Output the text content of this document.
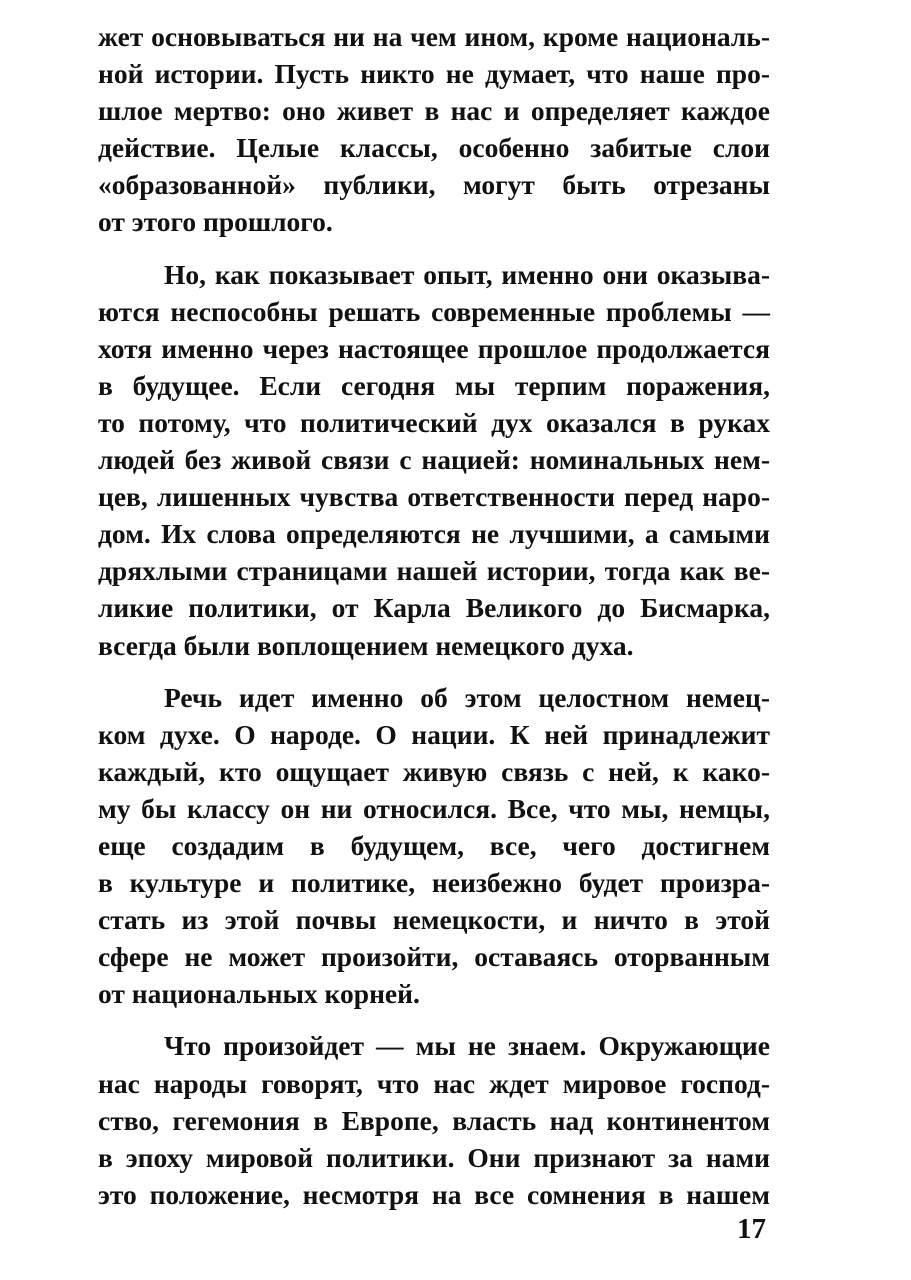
жет основываться ни на чем ином, кроме националь-
ной истории. Пусть никто не думает, что наше про-
шлое мертво: оно живет в нас и определяет каждое
действие. Целые классы, особенно забитые слои
«образованной» публики, могут быть отрезаны
от этого прошлого.
Но, как показывает опыт, именно они оказыва-
ются неспособны решать современные проблемы —
хотя именно через настоящее прошлое продолжается
в будущее. Если сегодня мы терпим поражения,
то потому, что политический дух оказался в руках
людей без живой связи с нацией: номинальных нем-
цев, лишенных чувства ответственности перед наро-
дом. Их слова определяются не лучшими, а самыми
дряхлыми страницами нашей истории, тогда как ве-
ликие политики, от Карла Великого до Бисмарка,
всегда были воплощением немецкого духа.
Речь идет именно об этом целостном немец-
ком духе. О народе. О нации. К ней принадлежит
каждый, кто ощущает живую связь с ней, к како-
му бы классу он ни относился. Все, что мы, немцы,
еще создадим в будущем, все, чего достигнем
в культуре и политике, неизбежно будет произра-
стать из этой почвы немецкости, и ничто в этой
сфере не может произойти, оставаясь оторванным
от национальных корней.
Что произойдет — мы не знаем. Окружающие
нас народы говорят, что нас ждет мировое господ-
ство, гегемония в Европе, власть над континентом
в эпоху мировой политики. Они признают за нами
это положение, несмотря на все сомнения в нашем
17
